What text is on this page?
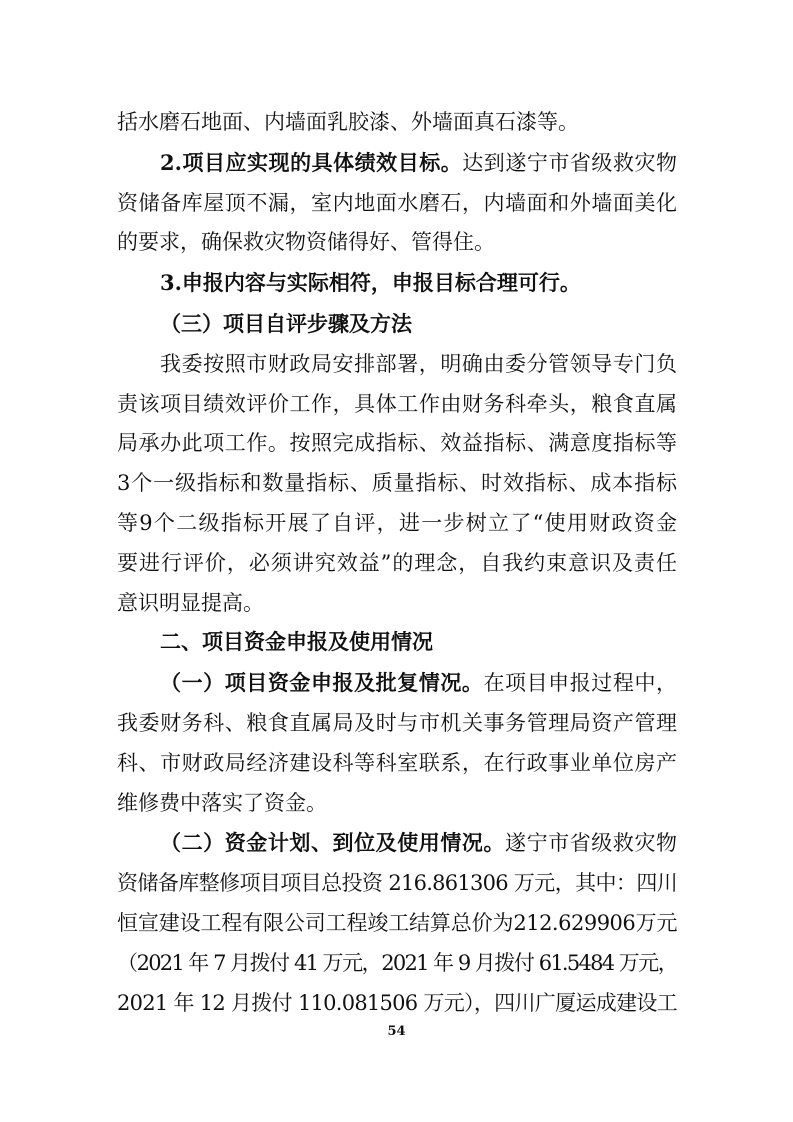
括水磨石地面、内墙面乳胶漆、外墙面真石漆等。
2.项目应实现的具体绩效目标。达到遂宁市省级救灾物
资储备库屋顶不漏，室内地面水磨石，内墙面和外墙面美化
的要求，确保救灾物资储得好、管得住。
3.申报内容与实际相符，申报目标合理可行。
（三）项目自评步骤及方法
我委按照市财政局安排部署，明确由委分管领导专门负
责该项目绩效评价工作，具体工作由财务科牵头，粮食直属
局承办此项工作。按照完成指标、效益指标、满意度指标等
3个一级指标和数量指标、质量指标、时效指标、成本指标
等9个二级指标开展了自评，进一步树立了“使用财政资金
要进行评价，必须讲究效益”的理念，自我约束意识及责任
意识明显提高。
二、项目资金申报及使用情况
（一）项目资金申报及批复情况。在项目申报过程中，
我委财务科、粮食直属局及时与市机关事务管理局资产管理
科、市财政局经济建设科等科室联系，在行政事业单位房产
维修费中落实了资金。
（二）资金计划、到位及使用情况。遂宁市省级救灾物
资储备库整修项目项目总投资 216.861306 万元，其中：四川
恒宣建设工程有限公司工程竣工结算总价为212.629906万元
（2021 年 7 月拨付 41 万元，2021 年 9 月拨付 61.5484 万元，
2021 年 12 月拨付 110.081506 万元），四川广厦运成建设工
54
